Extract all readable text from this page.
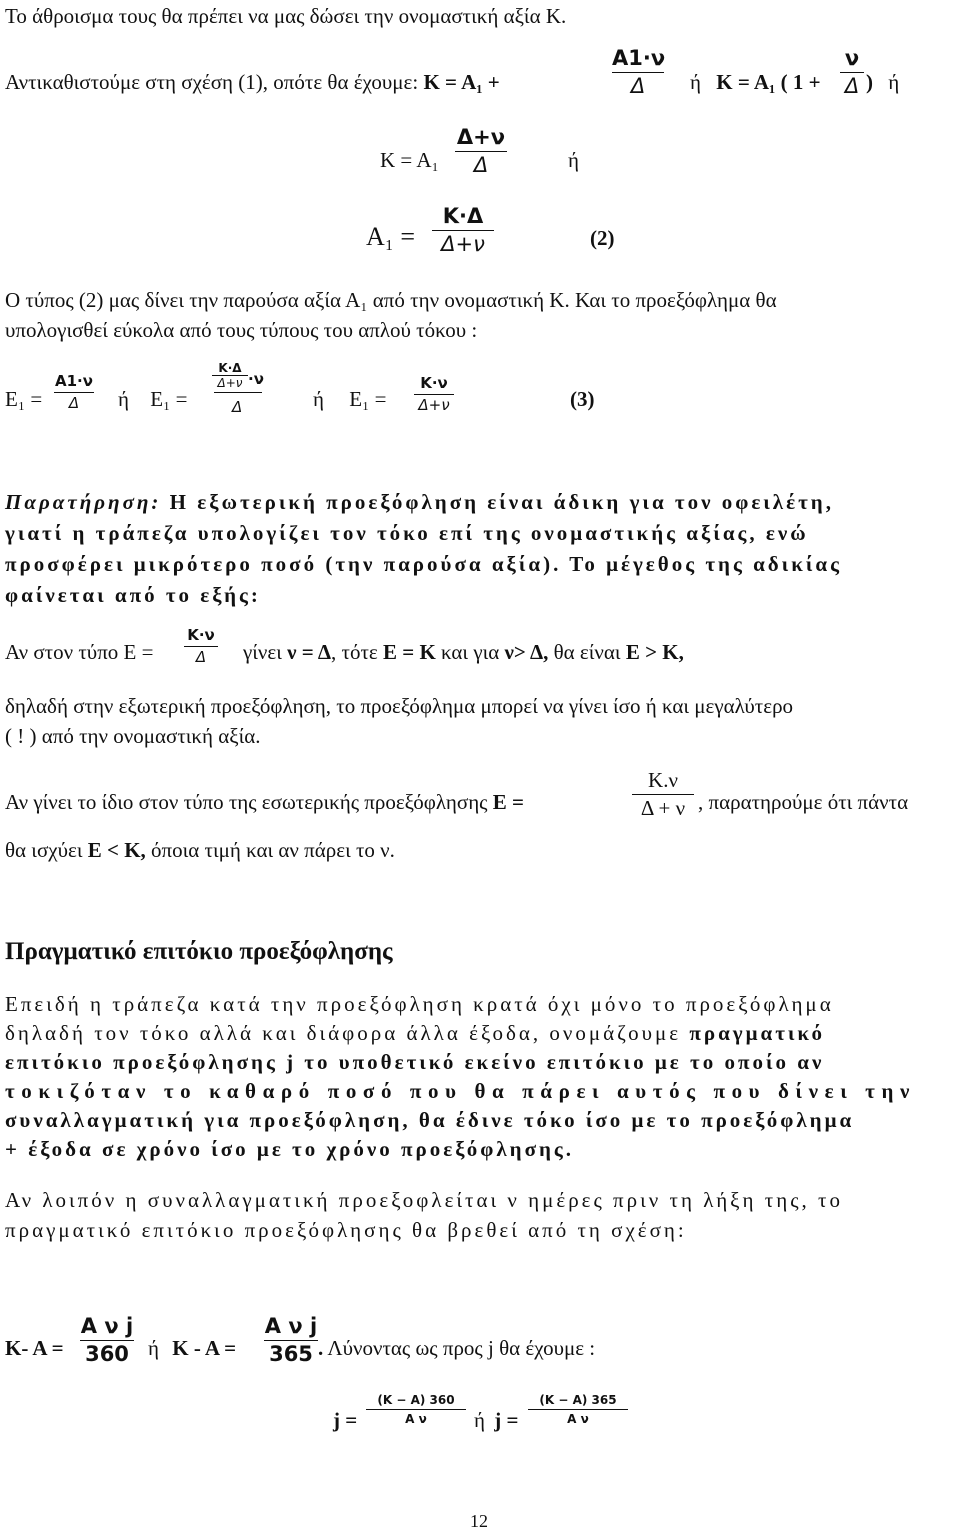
Το άθροισμα τους θα πρέπει να μας δώσει την ονομαστική αξία Κ.
Αντικαθιστούμε στη σχέση (1), οπότε θα έχουμε: Κ = Α₁ +
Α1·ν
Δ	ή Κ = Α₁ ( 1 +
ν
Δ ) ή
Κ = Α₁
Δ+ν
Δ	ή
Α₁ =
Κ·Δ
Δ+ν	(2)
Ο τύπος (2) μας δίνει την παρούσα αξία Α₁ από την ονομαστική Κ. Και το προεξόφλημα θα
υπολογισθεί εύκολα από τους τύπους του απλού τόκου :
Ε₁ =
Α1·ν
Δ	ή Ε₁ =
Κ·Δ
Δ+ν ·ν
Δ	ή Ε₁ =
Κ·ν
Δ+ν	(3)
Παρατήρηση: Η εξωτερική προεξόφληση είναι άδικη για τον οφειλέτη,
γιατί η τράπεζα υπολογίζει τον τόκο επί της ονομαστικής αξίας, ενώ
προσφέρει μικρότερο ποσό (την παρούσα αξία). Το μέγεθος της αδικίας
φαίνεται από το εξής:
Αν στον τύπο Ε =
Κ·ν
Δ	γίνει ν = Δ, τότε Ε = Κ και για ν> Δ, θα είναι Ε > Κ,
δηλαδή στην εξωτερική προεξόφληση, το προεξόφλημα μπορεί να γίνει ίσο ή και μεγαλύτερο
( ! ) από την ονομαστική αξία.
Αν γίνει το ίδιο στον τύπο της εσωτερικής προεξόφλησης Ε =
Κ.ν
Δ + ν , παρατηρούμε ότι πάντα
θα ισχύει Ε < Κ, όποια τιμή και αν πάρει το ν.
Πραγματικό επιτόκιο προεξόφλησης
Επειδή η τράπεζα κατά την προεξόφληση κρατά όχι μόνο το προεξόφλημα
δηλαδή τον τόκο αλλά και διάφορα άλλα έξοδα, ονομάζουμε πραγματικό
επιτόκιο προεξόφλησης j το υποθετικό εκείνο επιτόκιο με το οποίο αν
τοκιζόταν το καθαρό ποσό που θα πάρει αυτός που δίνει την
συναλλαγματική για προεξόφληση, θα έδινε τόκο ίσο με το προεξόφλημα
+ έξοδα σε χρόνο ίσο με το χρόνο προεξόφλησης.
Αν λοιπόν η συναλλαγματική προεξοφλείται ν ημέρες πριν τη λήξη της, το
πραγματικό επιτόκιο προεξόφλησης θα βρεθεί από τη σχέση:
Κ- Α =
Α ν j
360 ή Κ - Α =
Α ν j
365 . Λύνοντας ως προς j θα έχουμε :
j =
(Κ − Α) 360
Α ν	ή j =
(Κ − Α) 365
Α ν
12
